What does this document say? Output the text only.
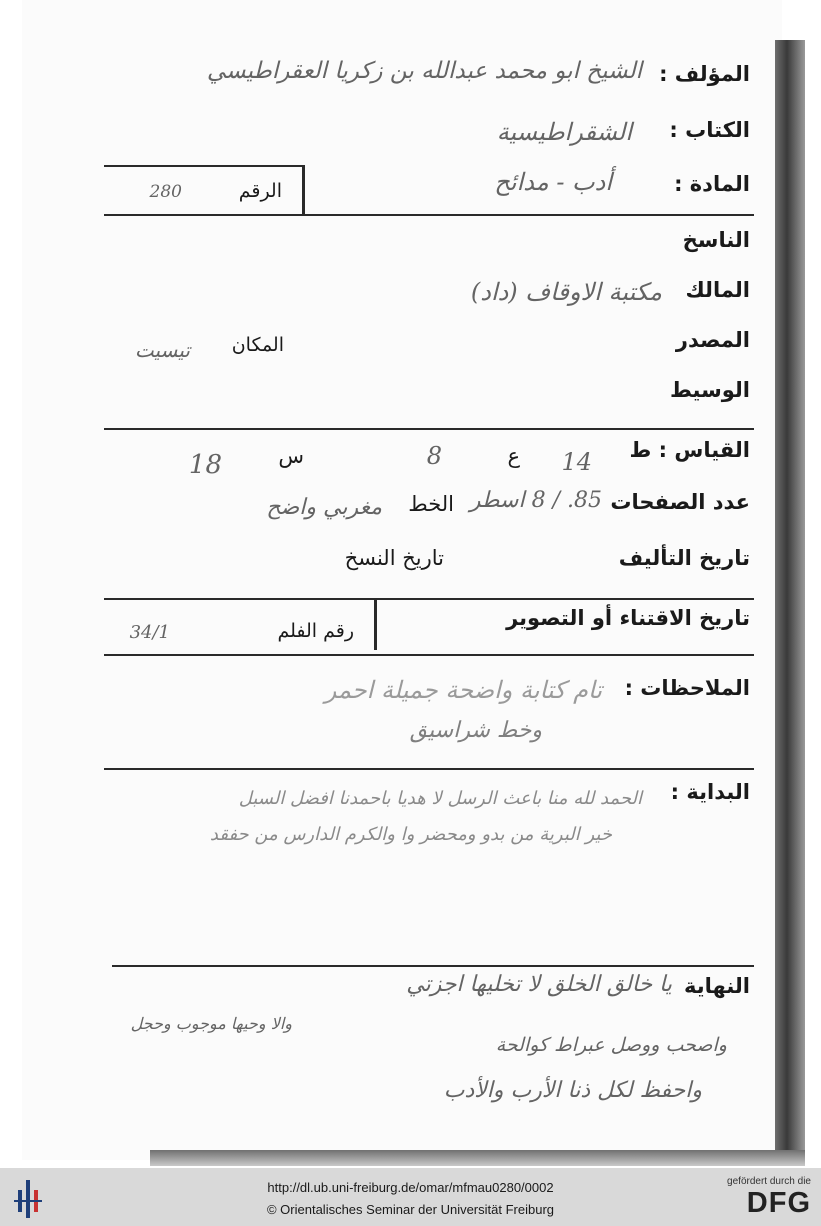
المؤلف :
الشيخ ابو محمد عبدالله بن زكريا العقراطيسي
الكتاب :
الشقراطيسية
المادة :
أدب - مدائح
الرقم
280
الناسخ
المالك
مكتبة الاوقاف (داد)
المصدر
المكان
تيسيت
الوسيط
القياس : ط
14
ع
8
س
18
عدد الصفحات
85. / 8 اسطر
الخط
مغربي واضح
تاريخ التأليف
تاريخ النسخ
تاريخ الاقتناء أو التصوير
رقم الفلم
34/1
الملاحظات :
تام كتابة واضحة جميلة احمر
وخط شراسيق
البداية :
الحمد لله منا باعث الرسل لا هديا باحمدنا افضل السبل
خير البرية من بدو ومحضر وا والكرم الدارس من حفقد
النهاية
يا خالق الخلق لا تخليها اجزتي
والا وحيها موجوب وحجل
واصحب ووصل عبراط كوالحة
واحفظ لكل ذنا الأرب والأدب
http://dl.ub.uni-freiburg.de/omar/mfmau0280/0002
© Orientalisches Seminar der Universität Freiburg
gefördert durch die
DFG
